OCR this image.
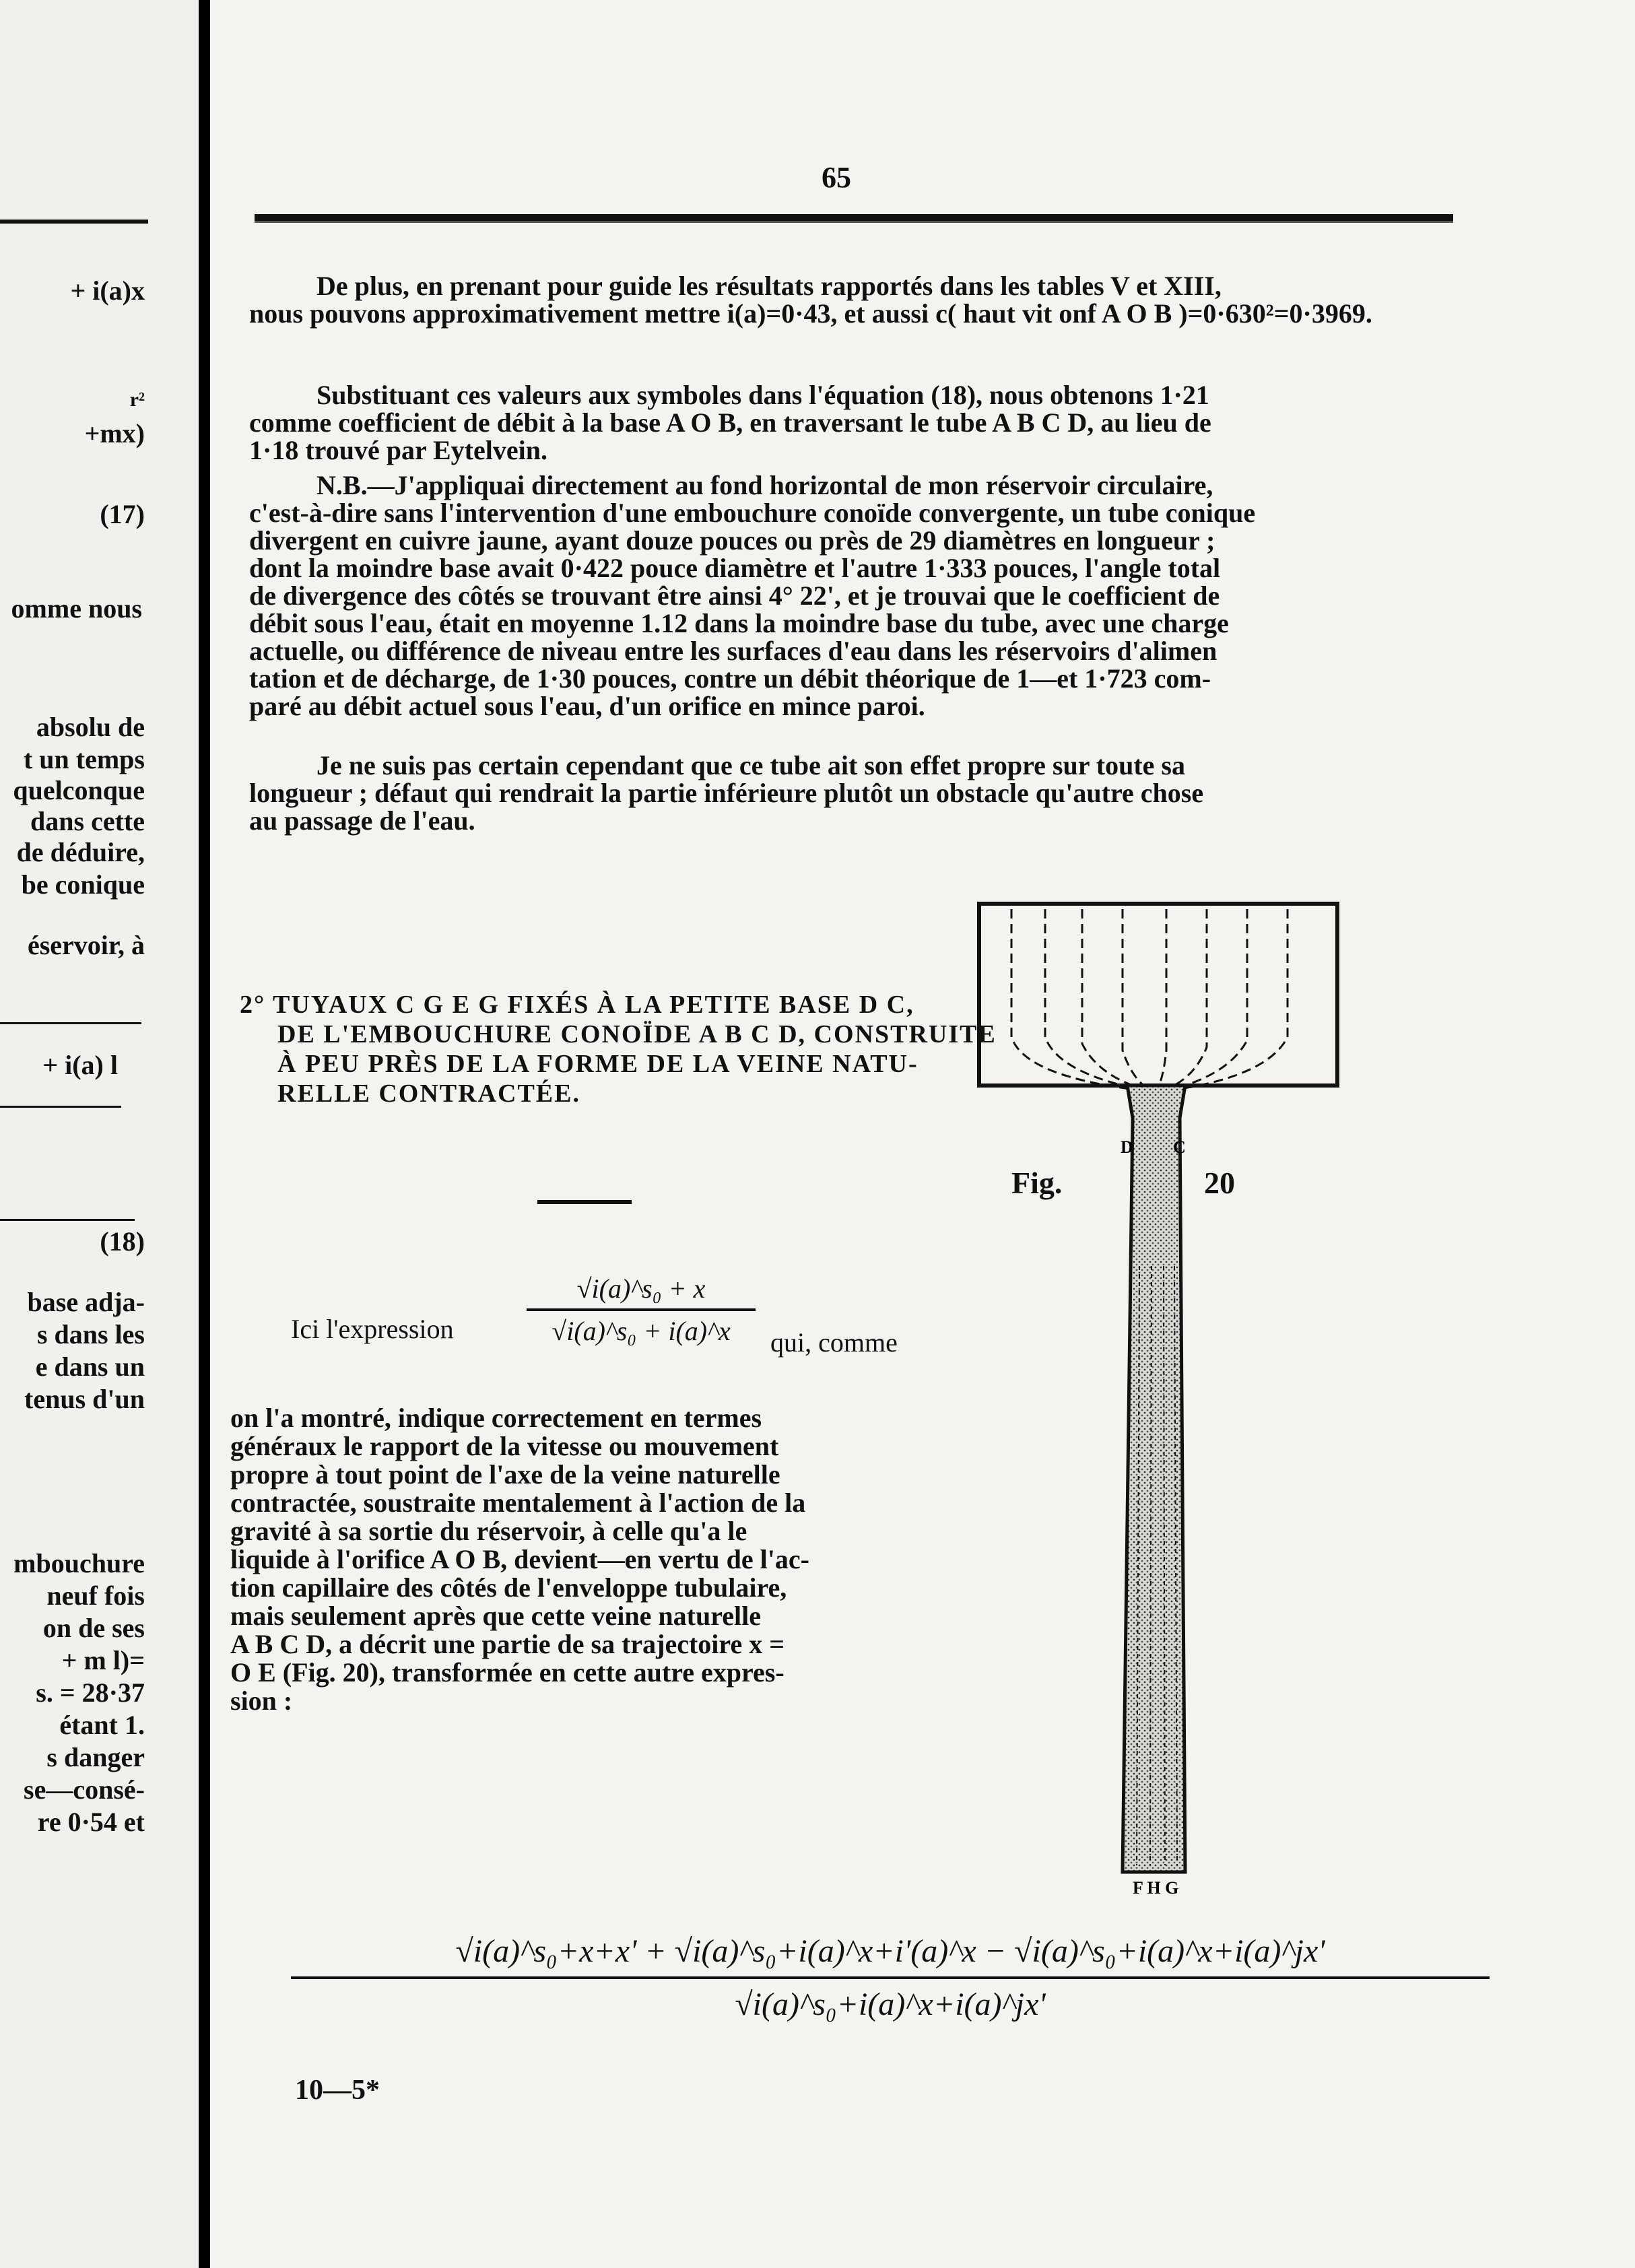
+ i(a)x
r²
+mx)
(17)
omme nous
absolu de
t un temps
quelconque
dans cette
de déduire,
be conique
éservoir, à
+ i(a) l
(18)
base adja-
s dans les
e dans un
tenus d'un
mbouchure
neuf fois
on de ses
+ m l)=
s. = 28·37
étant 1.
s danger
se—consé-
re 0·54 et
65
De plus, en prenant pour guide les résultats rapportés dans les tables V et XIII,
nous pouvons approximativement mettre i(a)=0·43, et aussi c( haut vit onf A O B )=0·630²=0·3969.
Substituant ces valeurs aux symboles dans l'équation (18), nous obtenons 1·21
comme coefficient de débit à la base A O B, en traversant le tube A B C D, au lieu de
1·18 trouvé par Eytelvein.
N.B.—J'appliquai directement au fond horizontal de mon réservoir circulaire,
c'est-à-dire sans l'intervention d'une embouchure conoïde convergente, un tube conique
divergent en cuivre jaune, ayant douze pouces ou près de 29 diamètres en longueur ;
dont la moindre base avait 0·422 pouce diamètre et l'autre 1·333 pouces, l'angle total
de divergence des côtés se trouvant être ainsi 4° 22', et je trouvai que le coefficient de
débit sous l'eau, était en moyenne 1.12 dans la moindre base du tube, avec une charge
actuelle, ou différence de niveau entre les surfaces d'eau dans les réservoirs d'alimen
tation et de décharge, de 1·30 pouces, contre un débit théorique de 1—et 1·723 com-
paré au débit actuel sous l'eau, d'un orifice en mince paroi.
Je ne suis pas certain cependant que ce tube ait son effet propre sur toute sa
longueur ; défaut qui rendrait la partie inférieure plutôt un obstacle qu'autre chose
au passage de l'eau.
2° TUYAUX C G E G FIXÉS À LA PETITE BASE D C,
DE L'EMBOUCHURE CONOÏDE A B C D, CONSTRUITE
À PEU PRÈS DE LA FORME DE LA VEINE NATU-
RELLE CONTRACTÉE.
Ici l'expression
√i(a)^s₀ + x
√i(a)^s₀ + i(a)^x	qui, comme
on l'a montré, indique correctement en termes
généraux le rapport de la vitesse ou mouvement
propre à tout point de l'axe de la veine naturelle
contractée, soustraite mentalement à l'action de la
gravité à sa sortie du réservoir, à celle qu'a le
liquide à l'orifice A O B, devient—en vertu de l'ac-
tion capillaire des côtés de l'enveloppe tubulaire,
mais seulement après que cette veine naturelle
A B C D, a décrit une partie de sa trajectoire x =
O E (Fig. 20), transformée en cette autre expres-
sion :
D C
F H G
Fig.	20
√i(a)^s₀+x+x' + √i(a)^s₀+i(a)^x+i'(a)^x − √i(a)^s₀+i(a)^x+i(a)^jx'
√i(a)^s₀+i(a)^x+i(a)^jx'
10—5*
